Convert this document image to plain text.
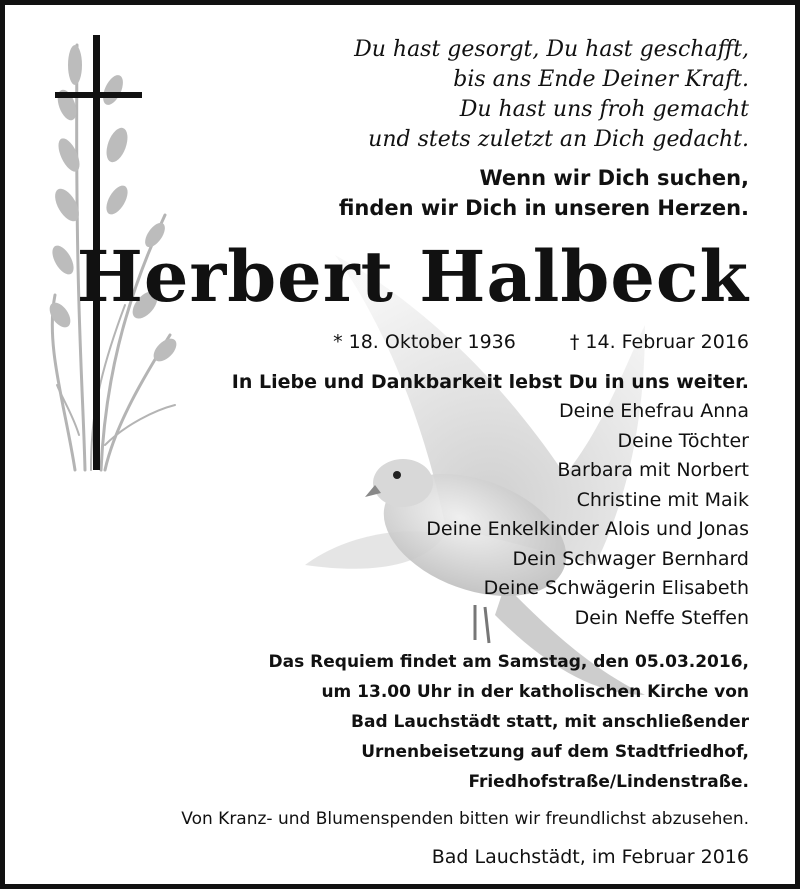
Du hast gesorgt, Du hast geschafft,
bis ans Ende Deiner Kraft.
Du hast uns froh gemacht
und stets zuletzt an Dich gedacht.
Wenn wir Dich suchen,
finden wir Dich in unseren Herzen.
Herbert Halbeck
* 18. Oktober 1936	† 14. Februar 2016
In Liebe und Dankbarkeit lebst Du in uns weiter.
Deine Ehefrau Anna
Deine Töchter
Barbara mit Norbert
Christine mit Maik
Deine Enkelkinder Alois und Jonas
Dein Schwager Bernhard
Deine Schwägerin Elisabeth
Dein Neffe Steffen
Das Requiem findet am Samstag, den 05.03.2016,
um 13.00 Uhr in der katholischen Kirche von
Bad Lauchstädt statt, mit anschließender
Urnenbeisetzung auf dem Stadtfriedhof,
Friedhofstraße/Lindenstraße.
Von Kranz- und Blumenspenden bitten wir freundlichst abzusehen.
Bad Lauchstädt, im Februar 2016
